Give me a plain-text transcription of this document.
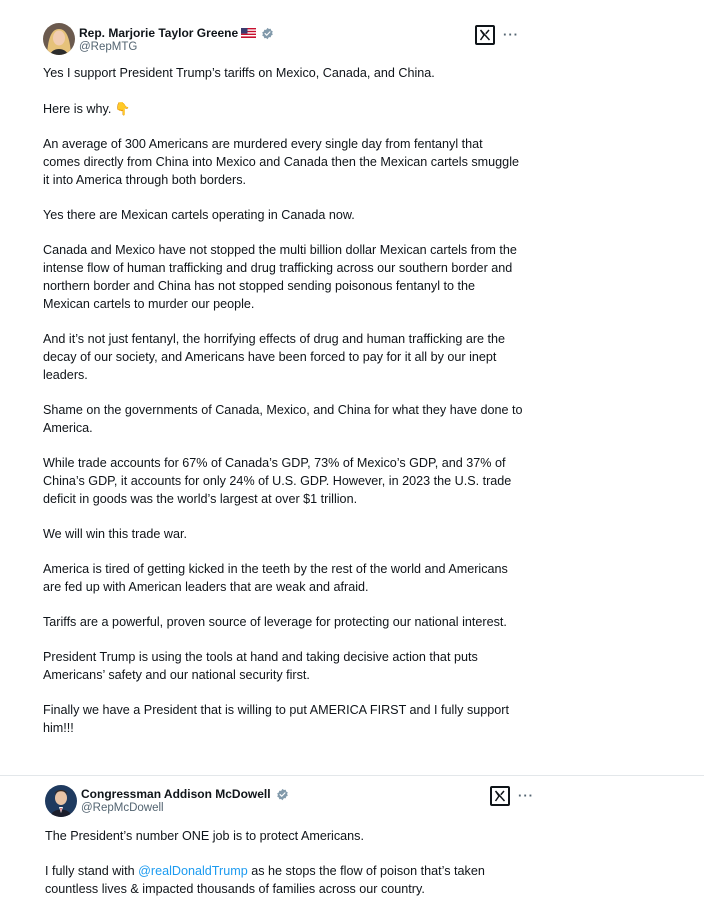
Rep. Marjorie Taylor Greene
@RepMTG
···

Yes I support President Trump’s tariffs on Mexico, Canada, and China.

Here is why. 👇

An average of 300 Americans are murdered every single day from fentanyl that comes directly from China into Mexico and Canada then the Mexican cartels smuggle it into America through both borders.

Yes there are Mexican cartels operating in Canada now.

Canada and Mexico have not stopped the multi billion dollar Mexican cartels from the intense flow of human trafficking and drug trafficking across our southern border and northern border and China has not stopped sending poisonous fentanyl to the Mexican cartels to murder our people.

And it’s not just fentanyl, the horrifying effects of drug and human trafficking are the decay of our society, and Americans have been forced to pay for it all by our inept leaders.

Shame on the governments of Canada, Mexico, and China for what they have done to America.

While trade accounts for 67% of Canada’s GDP, 73% of Mexico’s GDP, and 37% of China’s GDP, it accounts for only 24% of U.S. GDP. However, in 2023 the U.S. trade deficit in goods was the world’s largest at over $1 trillion.

We will win this trade war.

America is tired of getting kicked in the teeth by the rest of the world and Americans are fed up with American leaders that are weak and afraid.

Tariffs are a powerful, proven source of leverage for protecting our national interest.

President Trump is using the tools at hand and taking decisive action that puts Americans’ safety and our national security first.

Finally we have a President that is willing to put AMERICA FIRST and I fully support him!!!

Congressman Addison McDowell
@RepMcDowell
···

The President’s number ONE job is to protect Americans.

I fully stand with @realDonaldTrump as he stops the flow of poison that’s taken countless lives & impacted thousands of families across our country.
